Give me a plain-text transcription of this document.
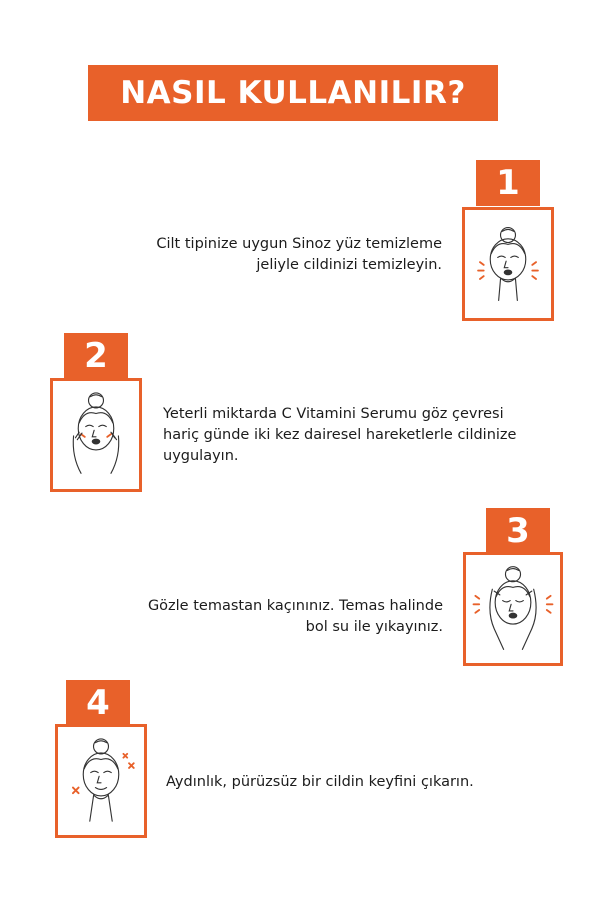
NASIL KULLANILIR?
1
Cilt tipinize uygun Sinoz yüz temizleme
jeliyle cildinizi temizleyin.
2
Yeterli miktarda C Vitamini Serumu göz çevresi
hariç günde iki kez dairesel hareketlerle cildinize
uygulayın.
3
Gözle temastan kaçınınız. Temas halinde
bol su ile yıkayınız.
4
Aydınlık, pürüzsüz bir cildin keyfini çıkarın.
